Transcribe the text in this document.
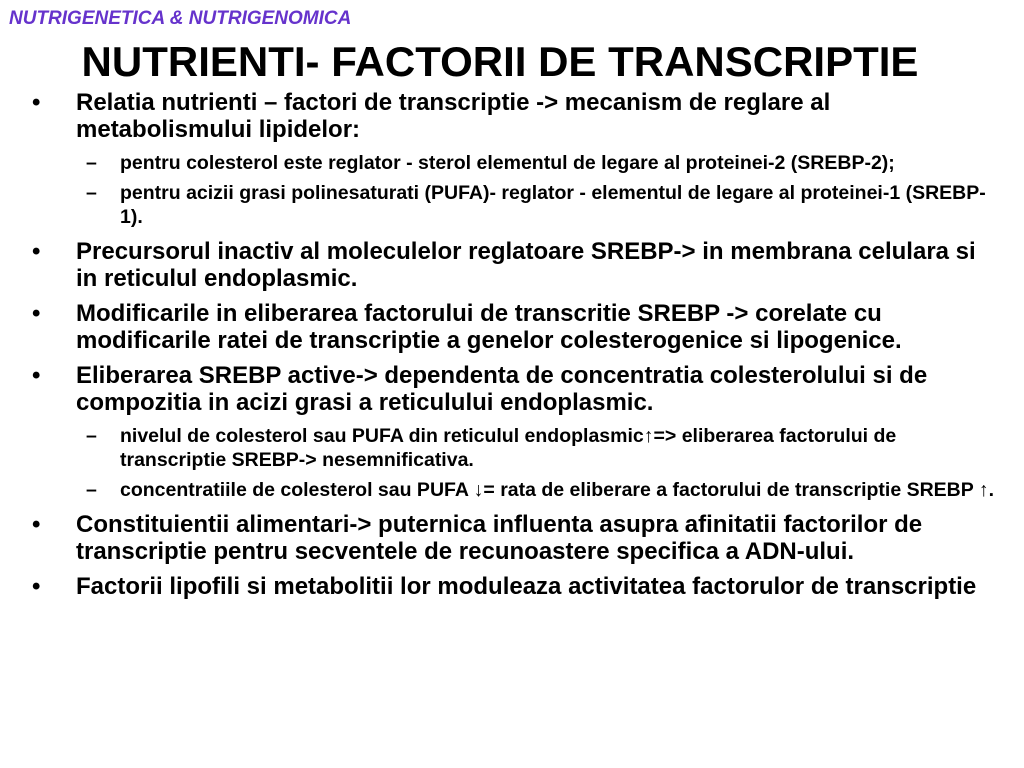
NUTRIGENETICA & NUTRIGENOMICA
NUTRIENTI- FACTORII DE TRANSCRIPTIE
•	Relatia nutrienti – factori de transcriptie -> mecanism de reglare al metabolismului lipidelor:
–	pentru colesterol este reglator - sterol elementul de legare al proteinei-2 (SREBP-2);
–	pentru acizii grasi polinesaturati (PUFA)- reglator - elementul de legare al proteinei-1 (SREBP-1).
•	Precursorul inactiv al moleculelor reglatoare SREBP-> in membrana celulara si in reticulul endoplasmic.
•	Modificarile in eliberarea factorului de transcritie SREBP -> corelate cu modificarile ratei de transcriptie a genelor colesterogenice si lipogenice.
•	Eliberarea SREBP active-> dependenta de concentratia colesterolului si de compozitia in acizi grasi a reticulului endoplasmic.
–	nivelul de colesterol sau PUFA din reticulul endoplasmic↑=> eliberarea factorului de transcriptie SREBP-> nesemnificativa.
–	concentratiile de colesterol sau PUFA ↓= rata de eliberare a factorului de transcriptie SREBP ↑.
•	Constituientii alimentari-> puternica influenta asupra afinitatii factorilor de transcriptie pentru secventele de recunoastere specifica a ADN-ului.
•	Factorii lipofili si metabolitii lor moduleaza activitatea factorulor de transcriptie
